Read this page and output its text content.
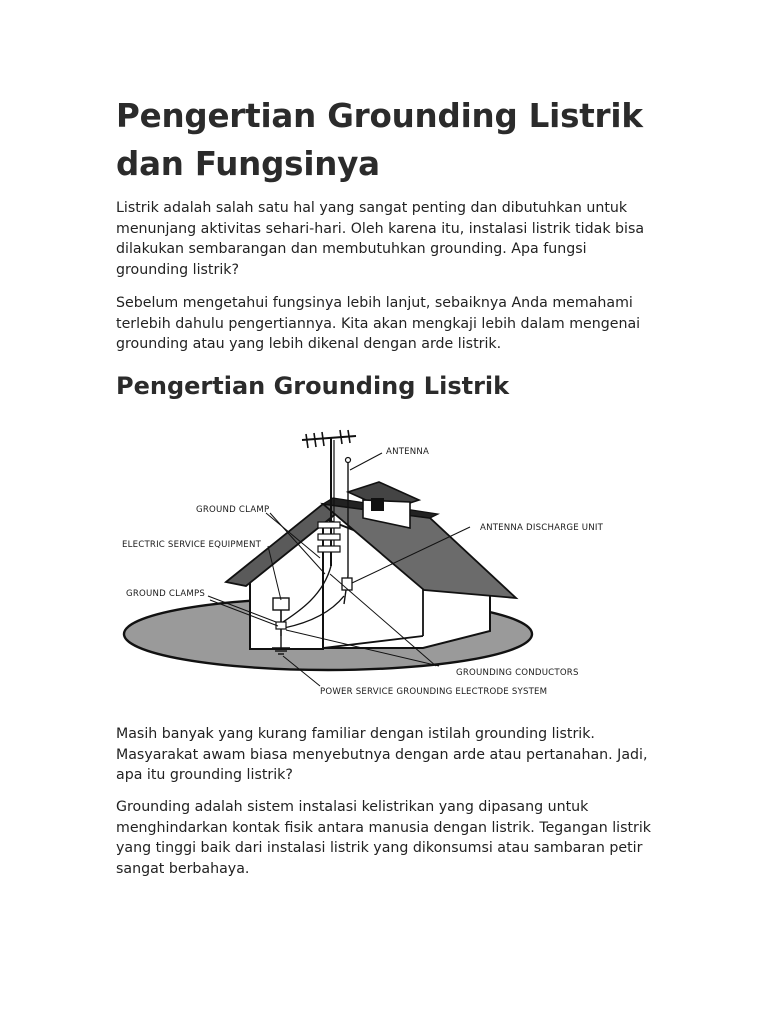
Pengertian Grounding Listrik
dan Fungsinya

Listrik adalah salah satu hal yang sangat penting dan dibutuhkan untuk
menunjang aktivitas sehari-hari. Oleh karena itu, instalasi listrik tidak bisa
dilakukan sembarangan dan membutuhkan grounding. Apa fungsi
grounding listrik?

Sebelum mengetahui fungsinya lebih lanjut, sebaiknya Anda memahami
terlebih dahulu pengertiannya. Kita akan mengkaji lebih dalam mengenai
grounding atau yang lebih dikenal dengan arde listrik.

Pengertian Grounding Listrik
ANTENNA
GROUND CLAMP
ANTENNA DISCHARGE UNIT
ELECTRIC SERVICE EQUIPMENT
GROUND CLAMPS
GROUNDING CONDUCTORS
POWER SERVICE GROUNDING ELECTRODE SYSTEM

Masih banyak yang kurang familiar dengan istilah grounding listrik.
Masyarakat awam biasa menyebutnya dengan arde atau pertanahan. Jadi,
apa itu grounding listrik?

Grounding adalah sistem instalasi kelistrikan yang dipasang untuk
menghindarkan kontak fisik antara manusia dengan listrik. Tegangan listrik
yang tinggi baik dari instalasi listrik yang dikonsumsi atau sambaran petir
sangat berbahaya.
